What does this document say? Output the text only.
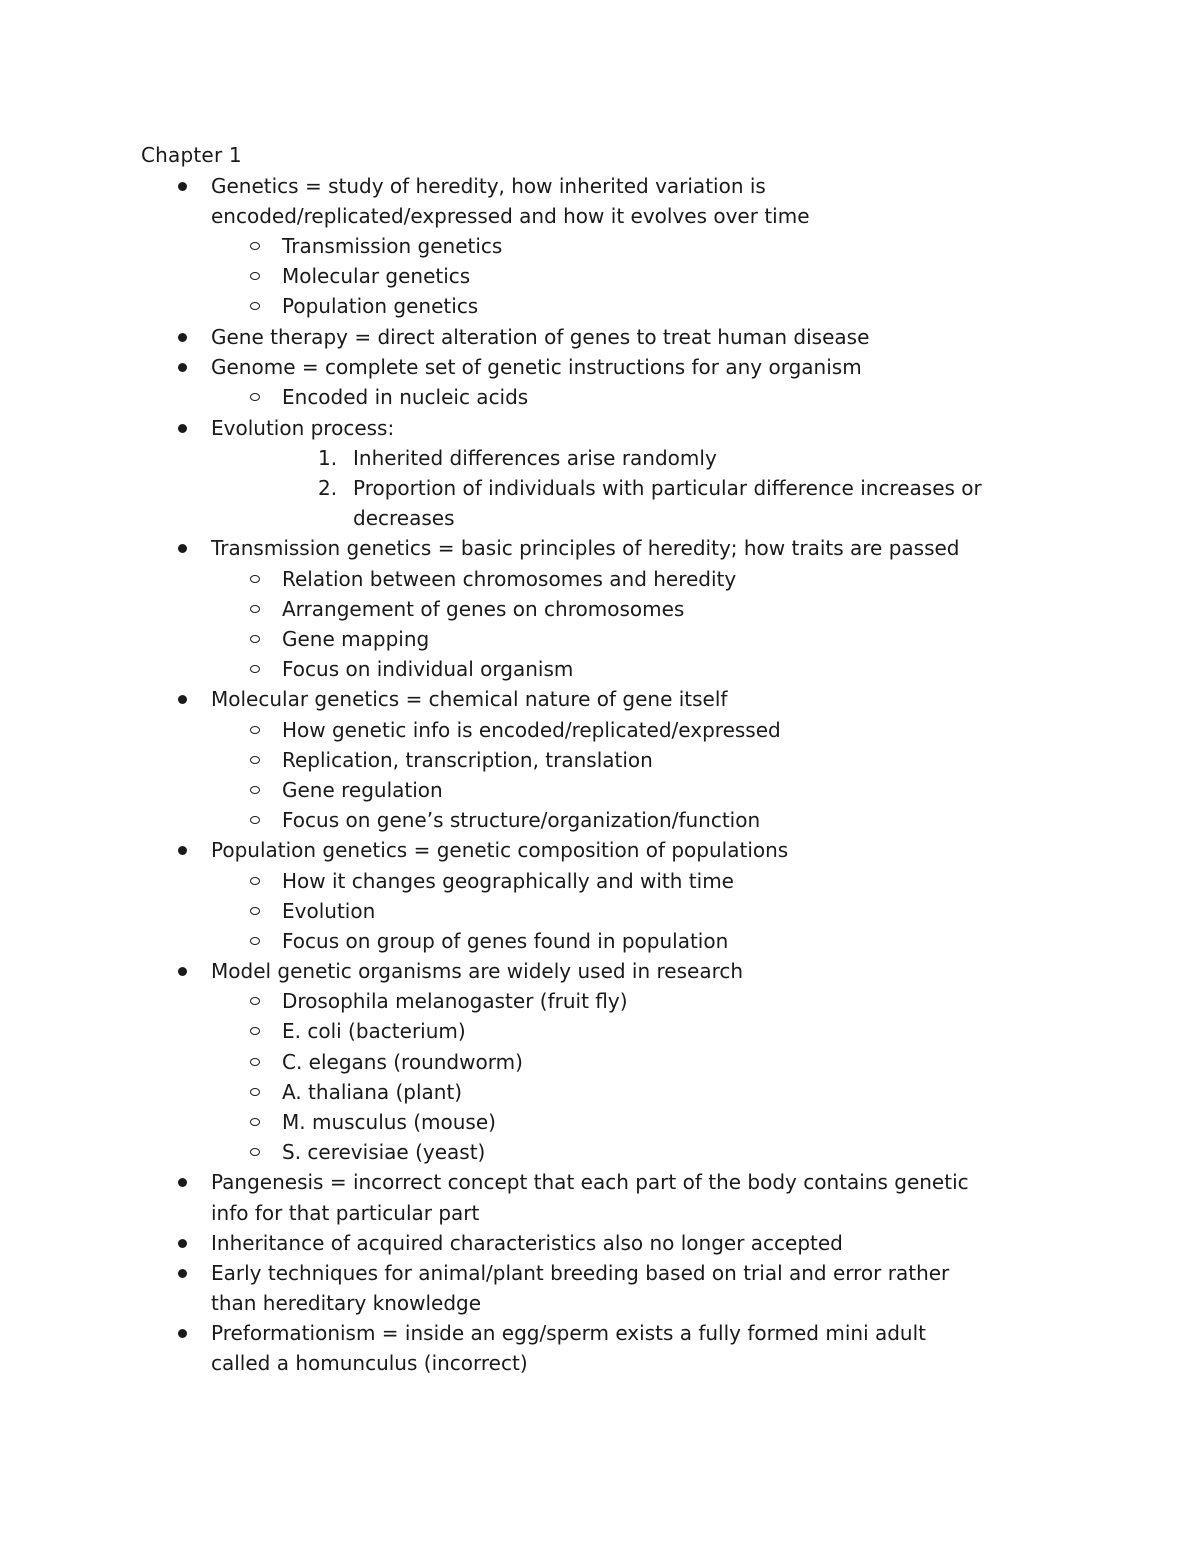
Chapter 1
Genetics = study of heredity, how inherited variation is
encoded/replicated/expressed and how it evolves over time
Transmission genetics
Molecular genetics
Population genetics
Gene therapy = direct alteration of genes to treat human disease
Genome = complete set of genetic instructions for any organism
Encoded in nucleic acids
Evolution process:
1. Inherited differences arise randomly
2. Proportion of individuals with particular difference increases or
decreases
Transmission genetics = basic principles of heredity; how traits are passed
Relation between chromosomes and heredity
Arrangement of genes on chromosomes
Gene mapping
Focus on individual organism
Molecular genetics = chemical nature of gene itself
How genetic info is encoded/replicated/expressed
Replication, transcription, translation
Gene regulation
Focus on gene’s structure/organization/function
Population genetics = genetic composition of populations
How it changes geographically and with time
Evolution
Focus on group of genes found in population
Model genetic organisms are widely used in research
Drosophila melanogaster (fruit fly)
E. coli (bacterium)
C. elegans (roundworm)
A. thaliana (plant)
M. musculus (mouse)
S. cerevisiae (yeast)
Pangenesis = incorrect concept that each part of the body contains genetic
info for that particular part
Inheritance of acquired characteristics also no longer accepted
Early techniques for animal/plant breeding based on trial and error rather
than hereditary knowledge
Preformationism = inside an egg/sperm exists a fully formed mini adult
called a homunculus (incorrect)
